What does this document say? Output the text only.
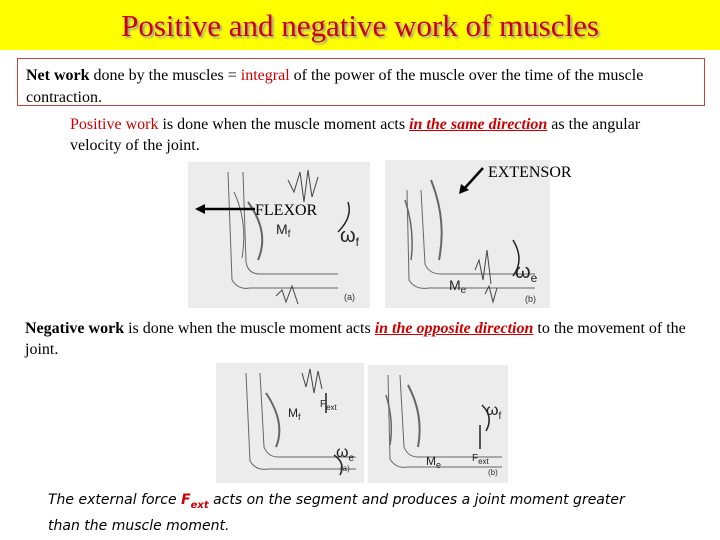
Positive and negative work of muscles
Net work done by the muscles = integral of the power of the muscle over the time of the muscle contraction.
Positive work is done when the muscle moment acts in the same direction as the angular velocity of the joint.
$M_f$ $\omega_f$
(a)
$M_e$
$\omega_e$
(b)
EXTENSOR
FLEXOR
Negative work is done when the muscle moment acts in the opposite direction to the movement of the joint.
$M_f$
$F_{ext}$
$\omega_e$
(a)
$M_e$
$F_{ext}$
$\omega_f$
(b)
The external force $F_{ext}$ acts on the segment and produces a joint moment greater than the muscle moment.
